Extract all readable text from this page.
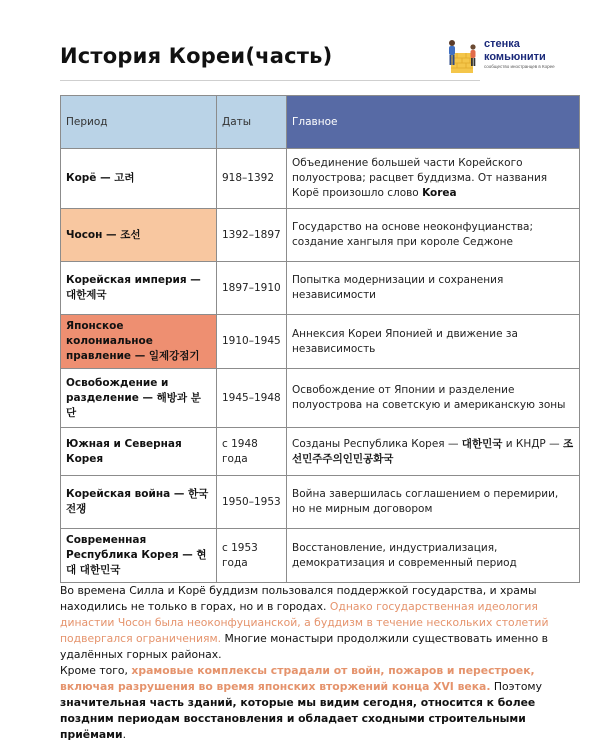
История Кореи(часть)	стенка
комьюнити
сообщество иностранцев в Корее
Период	Даты	Главное
Корё — 고려	918–1392	Объединение большей части Корейского полуострова; расцвет буддизма. От названия Корё произошло слово Korea
Чосон — 조선	1392–1897	Государство на основе неоконфуцианства; создание хангыля при короле Седжоне
Корейская империя — 대한제국	1897–1910	Попытка модернизации и сохранения независимости
Японское колониальное правление — 일제강점기	1910–1945	Аннексия Кореи Японией и движение за независимость
Освобождение и разделение — 해방과 분단	1945–1948	Освобождение от Японии и разделение полуострова на советскую и американскую зоны
Южная и Северная Корея	с 1948 года	Созданы Республика Корея — 대한민국 и КНДР — 조선민주주의인민공화국
Корейская война — 한국전쟁	1950–1953	Война завершилась соглашением о перемирии, но не мирным договором
Современная Республика Корея — 현대 대한민국	с 1953 года	Восстановление, индустриализация, демократизация и современный период

Во времена Силла и Корё буддизм пользовался поддержкой государства, и храмы находились не только в горах, но и в городах. Однако государственная идеология династии Чосон была неоконфуцианской, а буддизм в течение нескольких столетий подвергался ограничениям. Многие монастыри продолжили существовать именно в удалённых горных районах.

Кроме того, храмовые комплексы страдали от войн, пожаров и перестроек, включая разрушения во время японских вторжений конца XVI века. Поэтому значительная часть зданий, которые мы видим сегодня, относится к более поздним периодам восстановления и обладает сходными строительными приёмами.
